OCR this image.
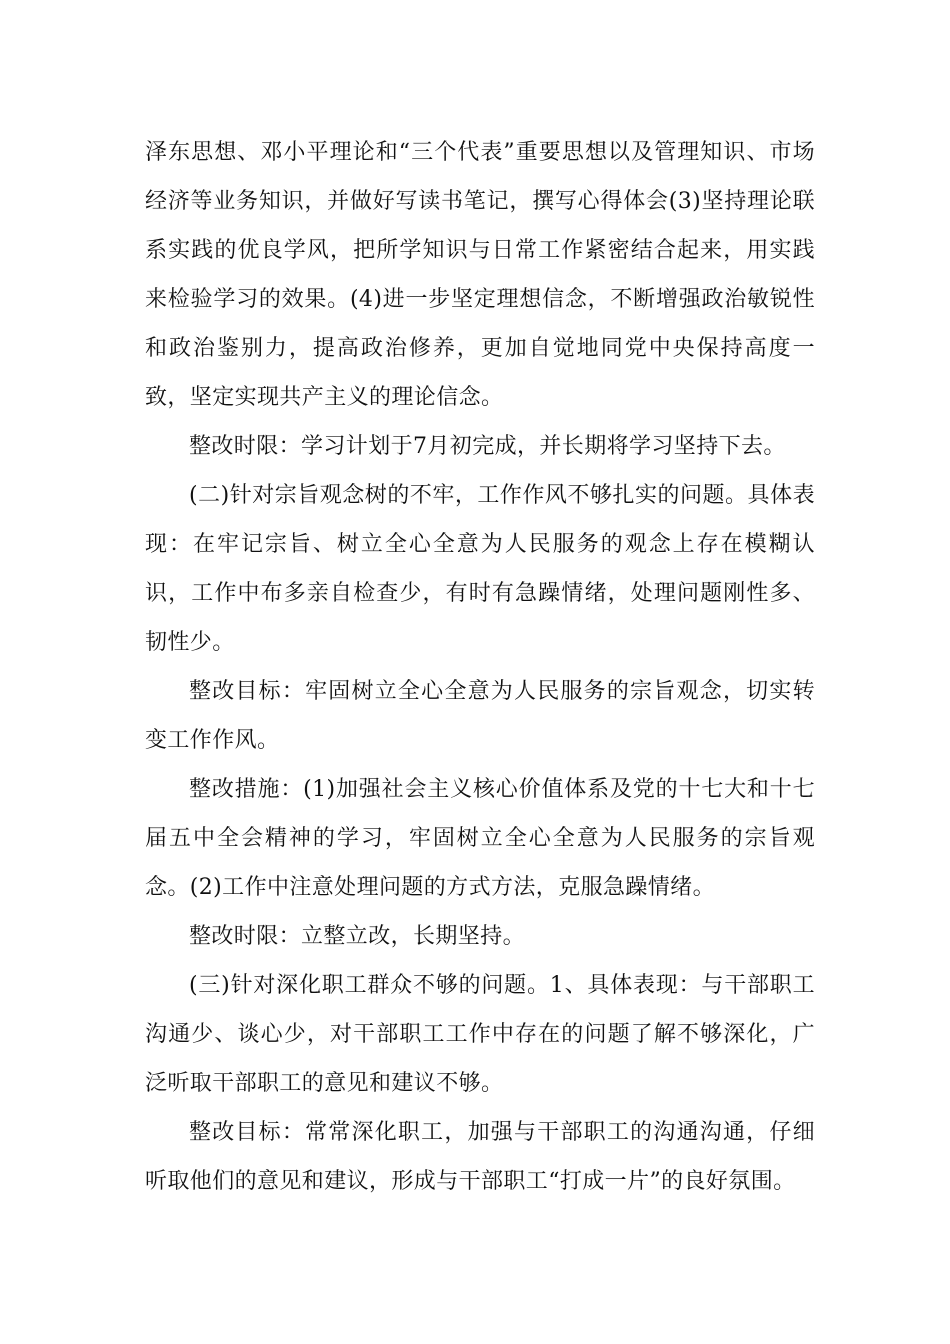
泽东思想、邓小平理论和“三个代表”重要思想以及管理知识、市场经济等业务知识，并做好写读书笔记，撰写心得体会(3)坚持理论联系实践的优良学风，把所学知识与日常工作紧密结合起来，用实践来检验学习的效果。(4)进一步坚定理想信念，不断增强政治敏锐性和政治鉴别力，提高政治修养，更加自觉地同党中央保持高度一致，坚定实现共产主义的理论信念。

整改时限：学习计划于7月初完成，并长期将学习坚持下去。

(二)针对宗旨观念树的不牢，工作作风不够扎实的问题。具体表现：在牢记宗旨、树立全心全意为人民服务的观念上存在模糊认识，工作中布多亲自检查少，有时有急躁情绪，处理问题刚性多、韧性少。

整改目标：牢固树立全心全意为人民服务的宗旨观念，切实转变工作作风。

整改措施：(1)加强社会主义核心价值体系及党的十七大和十七届五中全会精神的学习，牢固树立全心全意为人民服务的宗旨观念。(2)工作中注意处理问题的方式方法，克服急躁情绪。

整改时限：立整立改，长期坚持。

(三)针对深化职工群众不够的问题。1、具体表现：与干部职工沟通少、谈心少，对干部职工工作中存在的问题了解不够深化，广泛听取干部职工的意见和建议不够。

整改目标：常常深化职工，加强与干部职工的沟通沟通，仔细听取他们的意见和建议，形成与干部职工“打成一片”的良好氛围。
